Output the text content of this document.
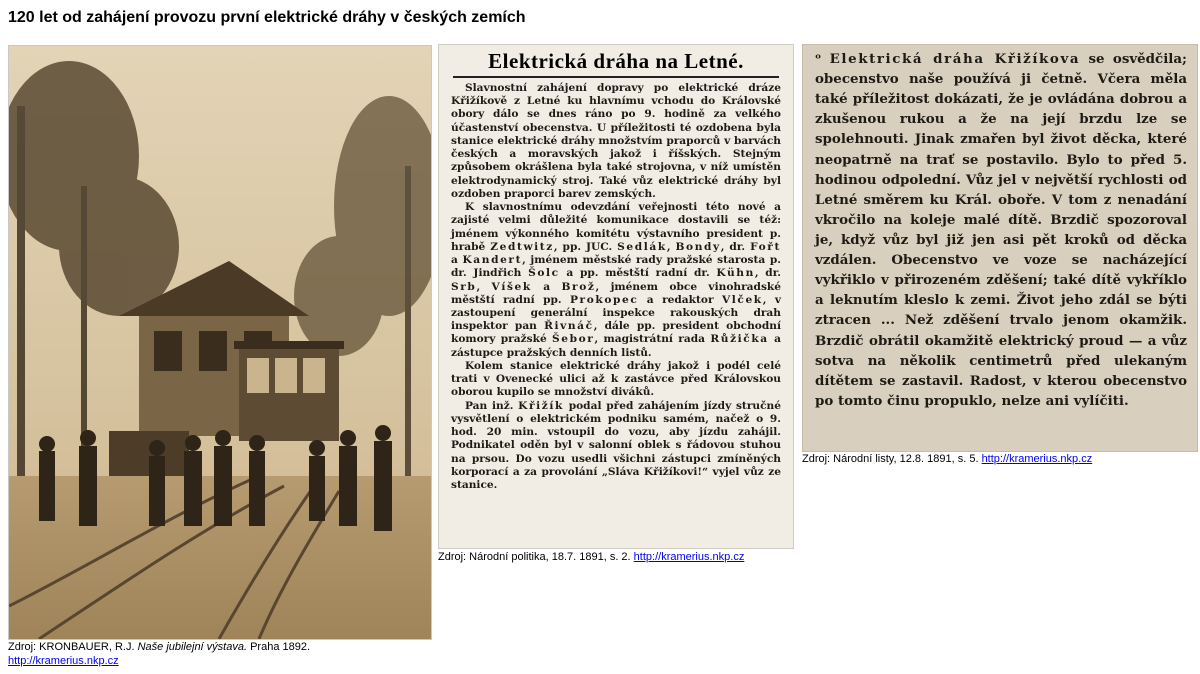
120 let od zahájení provozu první elektrické dráhy v českých zemích
Zdroj: KRONBAUER, R.J. Naše jubilejní výstava. Praha 1892.
http://kramerius.nkp.cz
Elektrická dráha na Letné.

Slavnostní zahájení dopravy po elektrické dráze Křižíkově z Letné ku hlavnímu vchodu do Královské obory dálo se dnes ráno po 9. hodině za velkého účastenství obecenstva. U příležitosti té ozdobena byla stanice elektrické dráhy množstvím praporců v barvách českých a moravských jakož i říšských. Stejným způsobem okrášlena byla také strojovna, v níž umístěn elektrodynamický stroj. Také vůz elektrické dráhy byl ozdoben praporci barev zemských.

K slavnostnímu odevzdání veřejnosti této nové a zajisté velmi důležité komunikace dostavili se též: jménem výkonného komitétu výstavního president p. hrabě Zedtwitz, pp. JUC. Sedlák, Bondy, dr. Fořt a Kandert, jménem městské rady pražské starosta p. dr. Jindřich Šolc a pp. městští radní dr. Kühn, dr. Srb, Víšek a Brož, jménem obce vinohradské městští radní pp. Prokopec a redaktor Vlček, v zastoupení generální inspekce rakouských drah inspektor pan Řivnáč, dále pp. president obchodní komory pražské Šebor, magistrátní rada Růžička a zástupce pražských denních listů.

Kolem stanice elektrické dráhy jakož i podél celé trati v Ovenecké ulici až k zastávce před Královskou oborou kupilo se množství diváků.

Pan inž. Křižík podal před zahájením jízdy stručné vysvětlení o elektrickém podniku samém, načež o 9. hod. 20 min. vstoupil do vozu, aby jízdu zahájil. Podnikatel oděn byl v salonní oblek s řádovou stuhou na prsou. Do vozu usedli všichni zástupci zmíněných korporací a za provolání „Sláva Křižíkovi!“ vyjel vůz ze stanice.

Zdroj: Národní politika, 18.7. 1891, s. 2. http://kramerius.nkp.cz

ᵒ Elektrická dráha Křižíkova se osvědčila; obecenstvo naše používá ji četně. Včera měla také příležitost dokázati, že je ovládána dobrou a zkušenou rukou a že na její brzdu lze se spolehnouti. Jinak zmařen byl život děcka, které neopatrně na trať se postavilo. Bylo to před 5. hodinou odpolední. Vůz jel v největší rychlosti od Letné směrem ku Král. oboře. V tom z nenadání vkročilo na koleje malé dítě. Brzdič spozoroval je, když vůz byl již jen asi pět kroků od děcka vzdálen. Obecenstvo ve voze se nacházející vykřiklo v přirozeném zděšení; také dítě vykříklo a leknutím kleslo k zemi. Život jeho zdál se býti ztracen ... Než zděšení trvalo jenom okamžik. Brzdič obrátil okamžitě elektrický proud — a vůz sotva na několik centimetrů před ulekaným dítětem se zastavil. Radost, v kterou obecenstvo po tomto činu propuklo, nelze ani vylíčiti.

Zdroj: Národní listy, 12.8. 1891, s. 5. http://kramerius.nkp.cz
